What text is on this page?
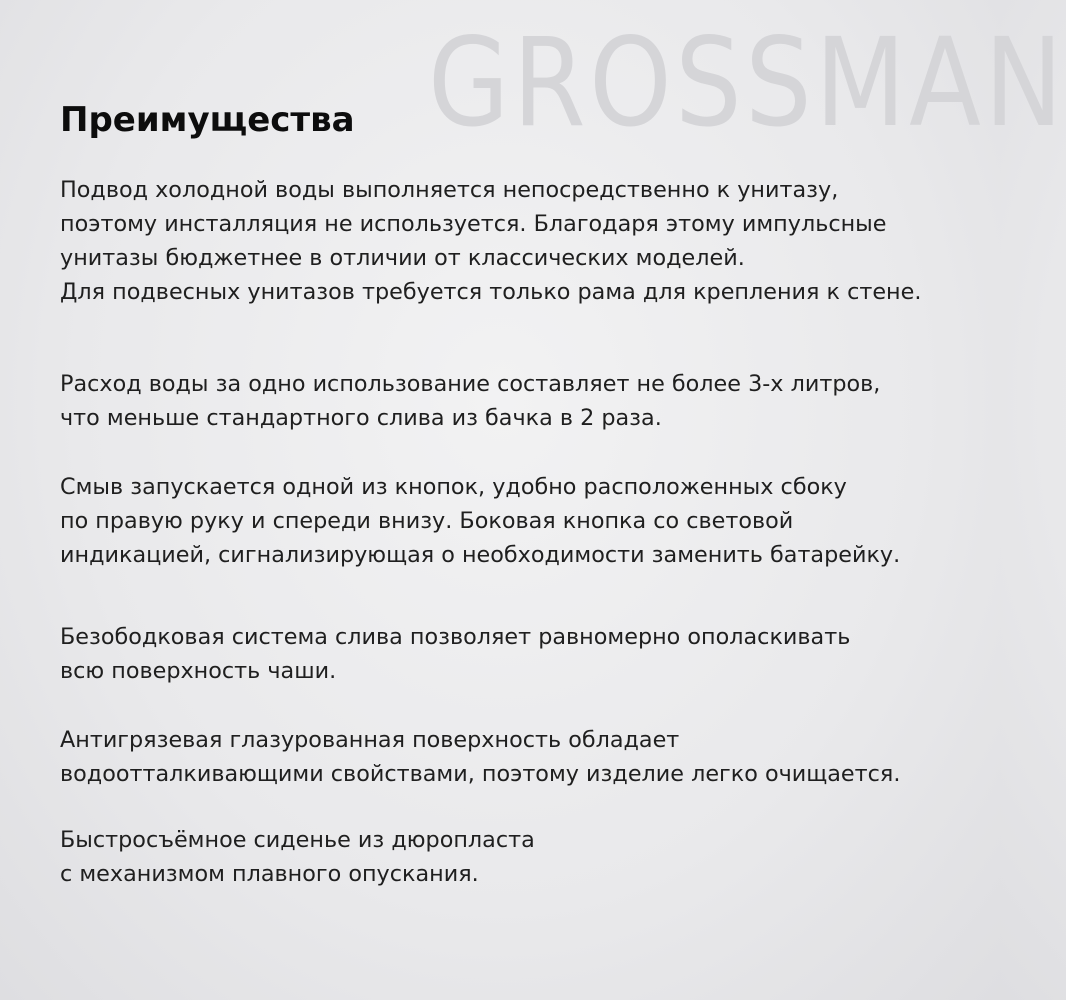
GROSSMAN
Преимущества

Подвод холодной воды выполняется непосредственно к унитазу,
поэтому инсталляция не используется. Благодаря этому импульсные
унитазы бюджетнее в отличии от классических моделей.
Для подвесных унитазов требуется только рама для крепления к стене.

Расход воды за одно использование составляет не более 3-х литров,
что меньше стандартного слива из бачка в 2 раза.

Смыв запускается одной из кнопок, удобно расположенных сбоку
по правую руку и спереди внизу. Боковая кнопка со световой
индикацией, сигнализирующая о необходимости заменить батарейку.

Безободковая система слива позволяет равномерно ополаскивать
всю поверхность чаши.

Антигрязевая глазурованная поверхность обладает
водоотталкивающими свойствами, поэтому изделие легко очищается.

Быстросъёмное сиденье из дюропласта
с механизмом плавного опускания.
